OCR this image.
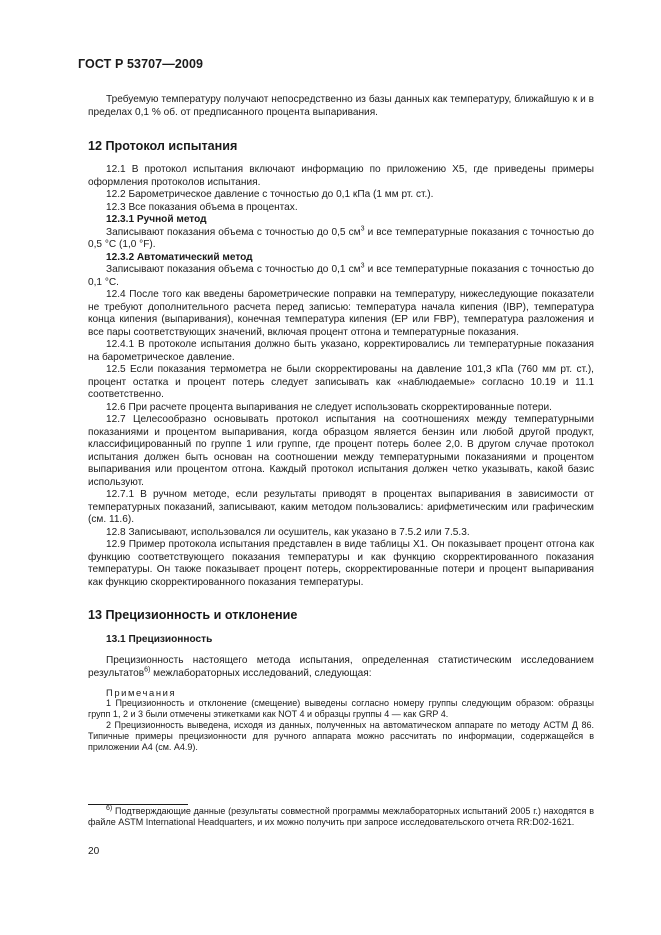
ГОСТ Р 53707—2009

Требуемую температуру получают непосредственно из базы данных как температуру, ближайшую к и в пределах 0,1 % об. от предписанного процента выпаривания.

12 Протокол испытания

12.1 В протокол испытания включают информацию по приложению Х5, где приведены примеры оформления протоколов испытания.

12.2 Барометрическое давление с точностью до 0,1 кПа (1 мм рт. ст.).

12.3 Все показания объема в процентах.

12.3.1 Ручной метод

Записывают показания объема с точностью до 0,5 $см^3$ и все температурные показания с точностью до 0,5 °С (1,0 °F).

12.3.2 Автоматический метод

Записывают показания объема с точностью до 0,1 $см^3$ и все температурные показания с точностью до 0,1 °С.

12.4 После того как введены барометрические поправки на температуру, нижеследующие показатели не требуют дополнительного расчета перед записью: температура начала кипения (IBP), температура конца кипения (выпаривания), конечная температура кипения (ЕР или FBP), температура разложения и все пары соответствующих значений, включая процент отгона и температурные показания.

12.4.1 В протоколе испытания должно быть указано, корректировались ли температурные показания на барометрическое давление.

12.5 Если показания термометра не были скорректированы на давление 101,3 кПа (760 мм рт. ст.), процент остатка и процент потерь следует записывать как «наблюдаемые» согласно 10.19 и 11.1 соответственно.

12.6 При расчете процента выпаривания не следует использовать скорректированные потери.

12.7 Целесообразно основывать протокол испытания на соотношениях между температурными показаниями и процентом выпаривания, когда образцом является бензин или любой другой продукт, классифицированный по группе 1 или группе, где процент потерь более 2,0. В другом случае протокол испытания должен быть основан на соотношении между температурными показаниями и процентом выпаривания или процентом отгона. Каждый протокол испытания должен четко указывать, какой базис используют.

12.7.1 В ручном методе, если результаты приводят в процентах выпаривания в зависимости от температурных показаний, записывают, каким методом пользовались: арифметическим или графическим (см. 11.6).

12.8 Записывают, использовался ли осушитель, как указано в 7.5.2 или 7.5.3.

12.9 Пример протокола испытания представлен в виде таблицы Х1. Он показывает процент отгона как функцию соответствующего показания температуры и как функцию скорректированного показания температуры. Он также показывает процент потерь, скорректированные потери и процент выпаривания как функцию скорректированного показания температуры.

13 Прецизионность и отклонение

13.1 Прецизионность

Прецизионность настоящего метода испытания, определенная статистическим исследованием результатов$^{6)}$ межлабораторных исследований, следующая:

Примечания

1 Прецизионность и отклонение (смещение) выведены согласно номеру группы следующим образом: образцы групп 1, 2 и 3 были отмечены этикетками как NOT 4 и образцы группы 4 — как GRP 4.

2 Прецизионность выведена, исходя из данных, полученных на автоматическом аппарате по методу АСТМ Д 86. Типичные примеры прецизионности для ручного аппарата можно рассчитать по информации, содержащейся в приложении А4 (см. А4.9).

$^{6)}$ Подтверждающие данные (результаты совместной программы межлабораторных испытаний 2005 г.) находятся в файле ASTM International Headquarters, и их можно получить при запросе исследовательского отчета RR:D02-1621.

20
